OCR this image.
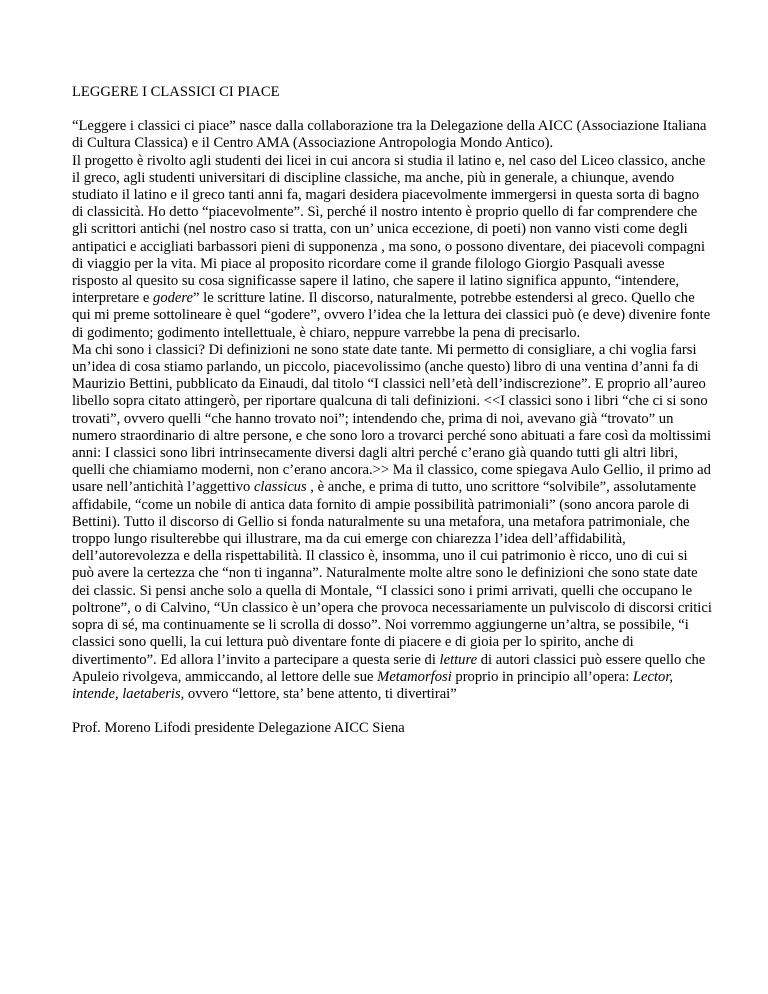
LEGGERE I CLASSICI CI PIACE

“Leggere i classici ci piace” nasce dalla collaborazione tra la Delegazione della AICC (Associazione Italiana di Cultura Classica) e il Centro AMA (Associazione Antropologia Mondo Antico).

Il progetto è rivolto agli studenti dei licei in cui ancora si studia il latino e, nel caso del Liceo classico, anche il greco, agli studenti universitari di discipline classiche, ma anche, più in generale, a chiunque, avendo studiato il latino e il greco tanti anni fa, magari desidera piacevolmente immergersi in questa sorta di bagno di classicità. Ho detto “piacevolmente”. Sì, perché il nostro intento è proprio quello di far comprendere che gli scrittori antichi (nel nostro caso si tratta, con un’ unica eccezione, di poeti) non vanno visti come degli antipatici e accigliati barbassori pieni di supponenza , ma sono, o possono diventare, dei piacevoli compagni di viaggio per la vita. Mi piace al proposito ricordare come il grande filologo Giorgio Pasquali avesse risposto al quesito su cosa significasse sapere il latino, che sapere il latino significa appunto, “intendere, interpretare e godere” le scritture latine. Il discorso, naturalmente, potrebbe estendersi al greco. Quello che qui mi preme sottolineare è quel “godere”, ovvero l’idea che la lettura dei classici può (e deve) divenire fonte di godimento; godimento intellettuale, è chiaro, neppure varrebbe la pena di precisarlo.

Ma chi sono i classici? Di definizioni ne sono state date tante. Mi permetto di consigliare, a chi voglia farsi un’idea di cosa stiamo parlando, un piccolo, piacevolissimo (anche questo) libro di una ventina d’anni fa di Maurizio Bettini, pubblicato da Einaudi, dal titolo “I classici nell’età dell’indiscrezione”. E proprio all’aureo libello sopra citato attingerò, per riportare qualcuna di tali definizioni. <<I classici sono i libri “che ci si sono trovati”, ovvero quelli “che hanno trovato noi”; intendendo che, prima di noi, avevano già “trovato” un numero straordinario di altre persone, e che sono loro a trovarci perché sono abituati a fare così da moltissimi anni: I classici sono libri intrinsecamente diversi dagli altri perché c’erano già quando tutti gli altri libri, quelli che chiamiamo moderni, non c’erano ancora.>> Ma il classico, come spiegava Aulo Gellio, il primo ad usare nell’antichità l’aggettivo classicus , è anche, e prima di tutto, uno scrittore “solvibile”, assolutamente affidabile, “come un nobile di antica data fornito di ampie possibilità patrimoniali” (sono ancora parole di Bettini). Tutto il discorso di Gellio si fonda naturalmente su una metafora, una metafora patrimoniale, che troppo lungo risulterebbe qui illustrare, ma da cui emerge con chiarezza l’idea dell’affidabilità, dell’autorevolezza e della rispettabilità. Il classico è, insomma, uno il cui patrimonio è ricco, uno di cui si può avere la certezza che “non ti inganna”. Naturalmente molte altre sono le definizioni che sono state date dei classic. Si pensi anche solo a quella di Montale, “I classici sono i primi arrivati, quelli che occupano le poltrone”, o di Calvino, “Un classico è un’opera che provoca necessariamente un pulviscolo di discorsi critici sopra di sé, ma continuamente se li scrolla di dosso”. Noi vorremmo aggiungerne un’altra, se possibile, “i classici sono quelli, la cui lettura può diventare fonte di piacere e di gioia per lo spirito, anche di divertimento”. Ed allora l’invito a partecipare a questa serie di letture di autori classici può essere quello che Apuleio rivolgeva, ammiccando, al lettore delle sue Metamorfosi proprio in principio all’opera: Lector, intende, laetaberis, ovvero “lettore, sta’ bene attento, ti divertirai”

Prof. Moreno Lifodi presidente Delegazione AICC Siena
